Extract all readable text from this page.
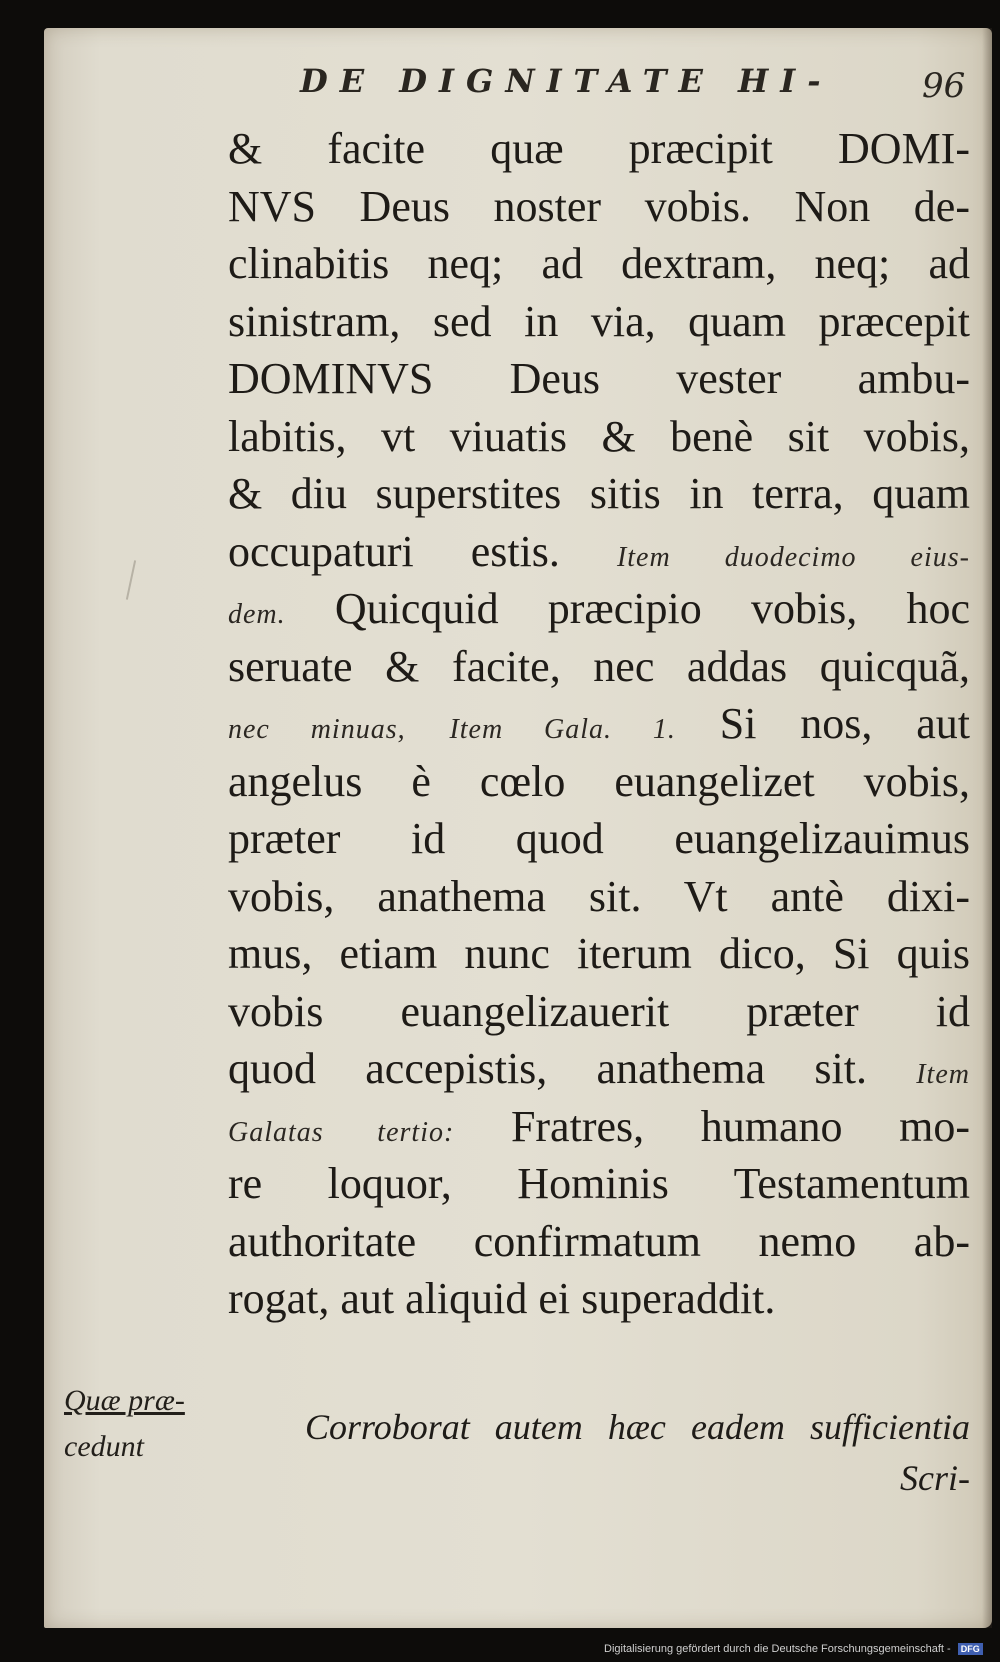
DE DIGNITATE HI-	96
& facite quæ præcipit DOMI-
NVS Deus noster vobis. Non de-
clinabitis neq; ad dextram, neq; ad
sinistram, sed in via, quam præcepit
DOMINVS Deus vester ambu-
labitis, vt viuatis & benè sit vobis,
& diu superstites sitis in terra, quam
occupaturi estis. Item duodecimo eius-
dem. Quicquid præcipio vobis, hoc
seruate & facite, nec addas quicquã,
nec minuas, Item Gala. 1. Si nos, aut
angelus è cœlo euangelizet vobis,
præter id quod euangelizauimus
vobis, anathema sit. Vt antè dixi-
mus, etiam nunc iterum dico, Si quis
vobis euangelizauerit præter id
quod accepistis, anathema sit. Item
Galatas tertio: Fratres, humano mo-
re loquor, Hominis Testamentum
authoritate confirmatum nemo ab-
rogat, aut aliquid ei superaddit.
Corroborat autem hæc eadem sufficientia
Scri-
Quæ præ-
cedunt
Digitalisierung gefördert durch die Deutsche Forschungsgemeinschaft - DFG
